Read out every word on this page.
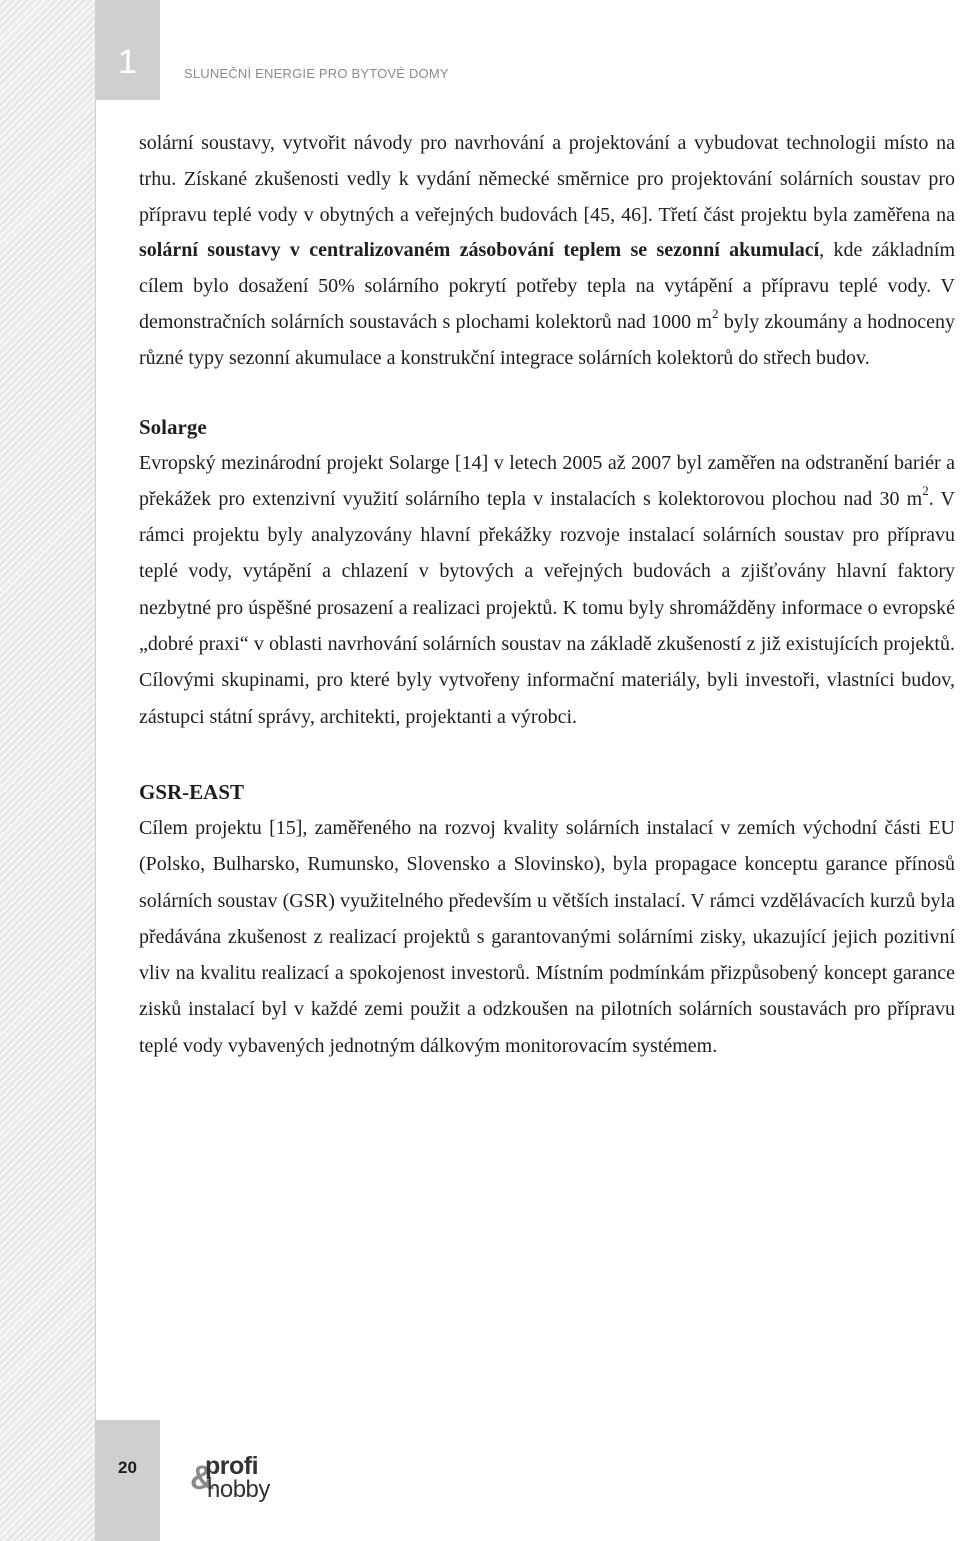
1	SLUNEČNÍ ENERGIE PRO BYTOVÉ DOMY

solární soustavy, vytvořit návody pro navrhování a projektování a vybudovat technologii místo na trhu. Získané zkušenosti vedly k vydání německé směrnice pro projektování solárních soustav pro přípravu teplé vody v obytných a veřejných budovách [45, 46]. Třetí část projektu byla zaměřena na solární soustavy v centralizovaném zásobování teplem se sezonní akumulací, kde základním cílem bylo dosažení 50% solárního pokrytí potřeby tepla na vytápění a přípravu teplé vody. V demonstračních solárních soustavách s plochami kolektorů nad 1000 $m^2$ byly zkoumány a hodnoceny různé typy sezonní akumulace a konstrukční integrace solárních kolektorů do střech budov.

Solarge

Evropský mezinárodní projekt Solarge [14] v letech 2005 až 2007 byl zaměřen na odstranění bariér a překážek pro extenzivní využití solárního tepla v instalacích s kolektorovou plochou nad 30 $m^2$. V rámci projektu byly analyzovány hlavní překážky rozvoje instalací solárních soustav pro přípravu teplé vody, vytápění a chlazení v bytových a veřejných budovách a zjišťovány hlavní faktory nezbytné pro úspěšné prosazení a realizaci projektů. K tomu byly shromážděny informace o evropské „dobré praxi“ v oblasti navrhování solárních soustav na základě zkušeností z již existujících projektů. Cílovými skupinami, pro které byly vytvořeny informační materiály, byli investoři, vlastníci budov, zástupci státní správy, architekti, projektanti a výrobci.

GSR-EAST

Cílem projektu [15], zaměřeného na rozvoj kvality solárních instalací v zemích východní části EU (Polsko, Bulharsko, Rumunsko, Slovensko a Slovinsko), byla propagace konceptu garance přínosů solárních soustav (GSR) využitelného především u větších instalací. V rámci vzdělávacích kurzů byla předávána zkušenost z realizací projektů s garantovanými solárními zisky, ukazující jejich pozitivní vliv na kvalitu realizací a spokojenost investorů. Místním podmínkám přizpůsobený koncept garance zisků instalací byl v každé zemi použit a odzkoušen na pilotních solárních soustavách pro přípravu teplé vody vybavených jednotným dálkovým monitorovacím systémem.

20	&
profi
hobby
